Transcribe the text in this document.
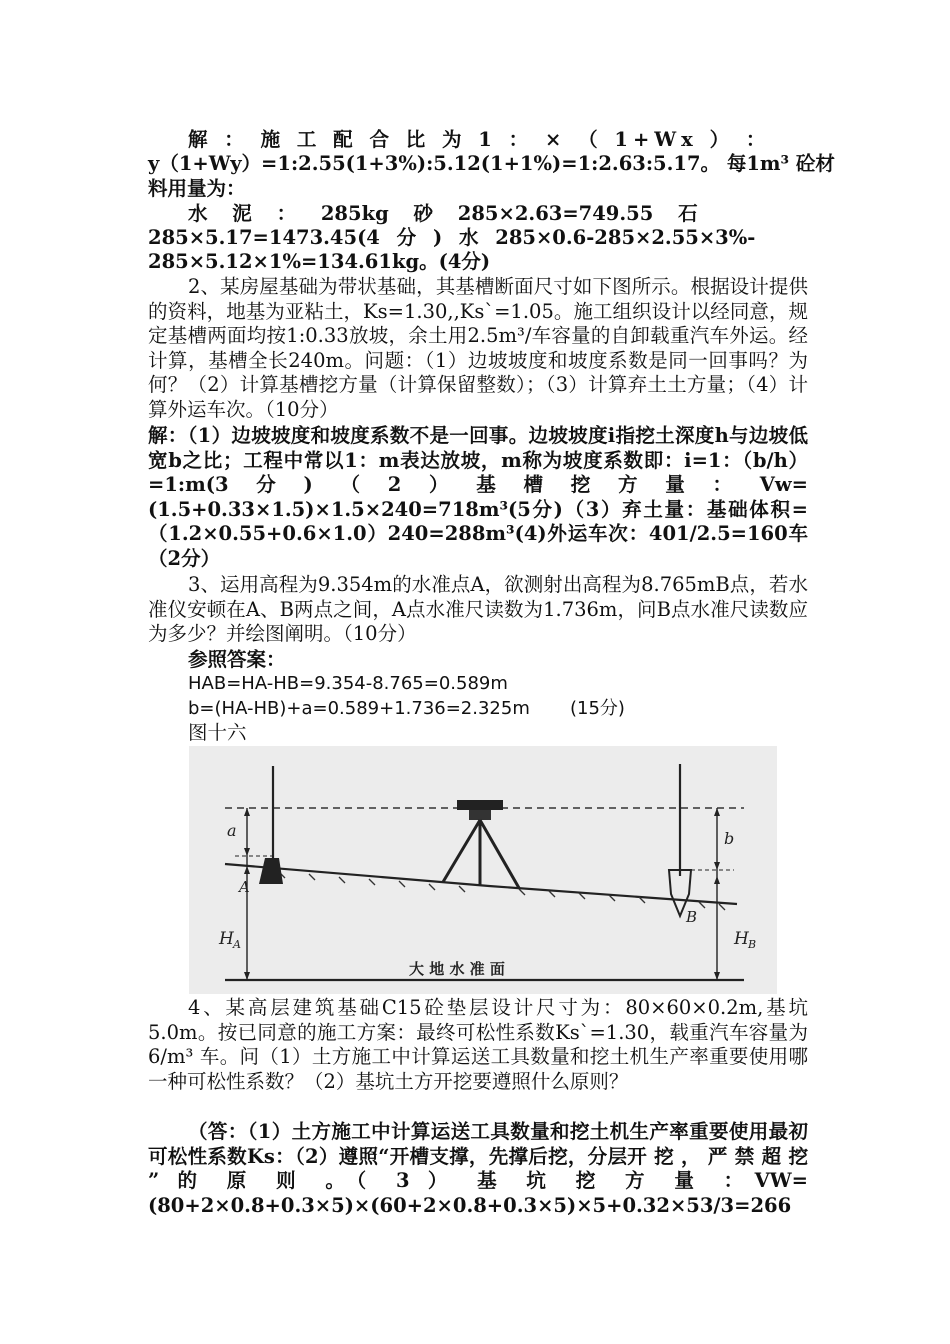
解 ： 施 工 配 合 比 为 1 ： × （ 1+Wx ） ：
y（1+Wy）=1:2.55(1+3%):5.12(1+1%)=1:2.63:5.17。 每1m³ 砼材
料用量为：
水 泥 ： 285kg 砂 285×2.63=749.55 石
285×5.17=1473.45(4 分 ) 水 285×0.6-285×2.55×3%-
285×5.12×1%=134.61kg。(4分)

2、某房屋基础为带状基础，其基槽断面尺寸如下图所示。根据设计提供的资料，地基为亚粘土，Ks=1.30,,Ks`=1.05。施工组织设计以经同意，规定基槽两面均按1:0.33放坡，余土用2.5m³/车容量的自卸载重汽车外运。经计算，基槽全长240m。问题：（1）边坡坡度和坡度系数是同一回事吗？为何？（2）计算基槽挖方量（计算保留整数）；（3）计算弃土土方量；（4）计算外运车次。（10分）

解：（1）边坡坡度和坡度系数不是一回事。边坡坡度i指挖土深度h与边坡低宽b之比；工程中常以1：m表达放坡，m称为坡度系数即：i=1：（b/h）=1:m(3分)（2）基槽挖方量：Vw=(1.5+0.33×1.5)×1.5×240=718m³(5分)（3）弃土量：基础体积=（1.2×0.55+0.6×1.0）240=288m³(4)外运车次：401/2.5=160车（2分）

3、运用高程为9.354m的水准点A，欲测射出高程为8.765mB点，若水准仪安顿在A、B两点之间，A点水准尺读数为1.736m，问B点水准尺读数应为多少？并绘图阐明。（10分）

参照答案：
HAB=HA-HB=9.354-8.765=0.589m
b=(HA-HB)+a=0.589+1.736=2.325m (15分)
图十六
a	b
A
B
H A	H B
大 地 水 准 面

4、某高层建筑基础C15砼垫层设计尺寸为：80×60×0.2m,基坑5.0m。按已同意的施工方案：最终可松性系数Ks`=1.30，载重汽车容量为6/m³ 车。问（1）土方施工中计算运送工具数量和挖土机生产率重要使用哪一种可松性系数？（2）基坑土方开挖要遵照什么原则？

（答：（1）土方施工中计算运送工具数量和挖土机生产率重要使用最初可松性系数Ks：（2）遵照“开槽支撑，先撑后挖，分层开 挖 ， 严 禁 超 挖 ” 的 原 则 。（ 3 ） 基 坑 挖 方 量 ：VW=(80+2×0.8+0.3×5)×(60+2×0.8+0.3×5)×5+0.32×53/3=266
